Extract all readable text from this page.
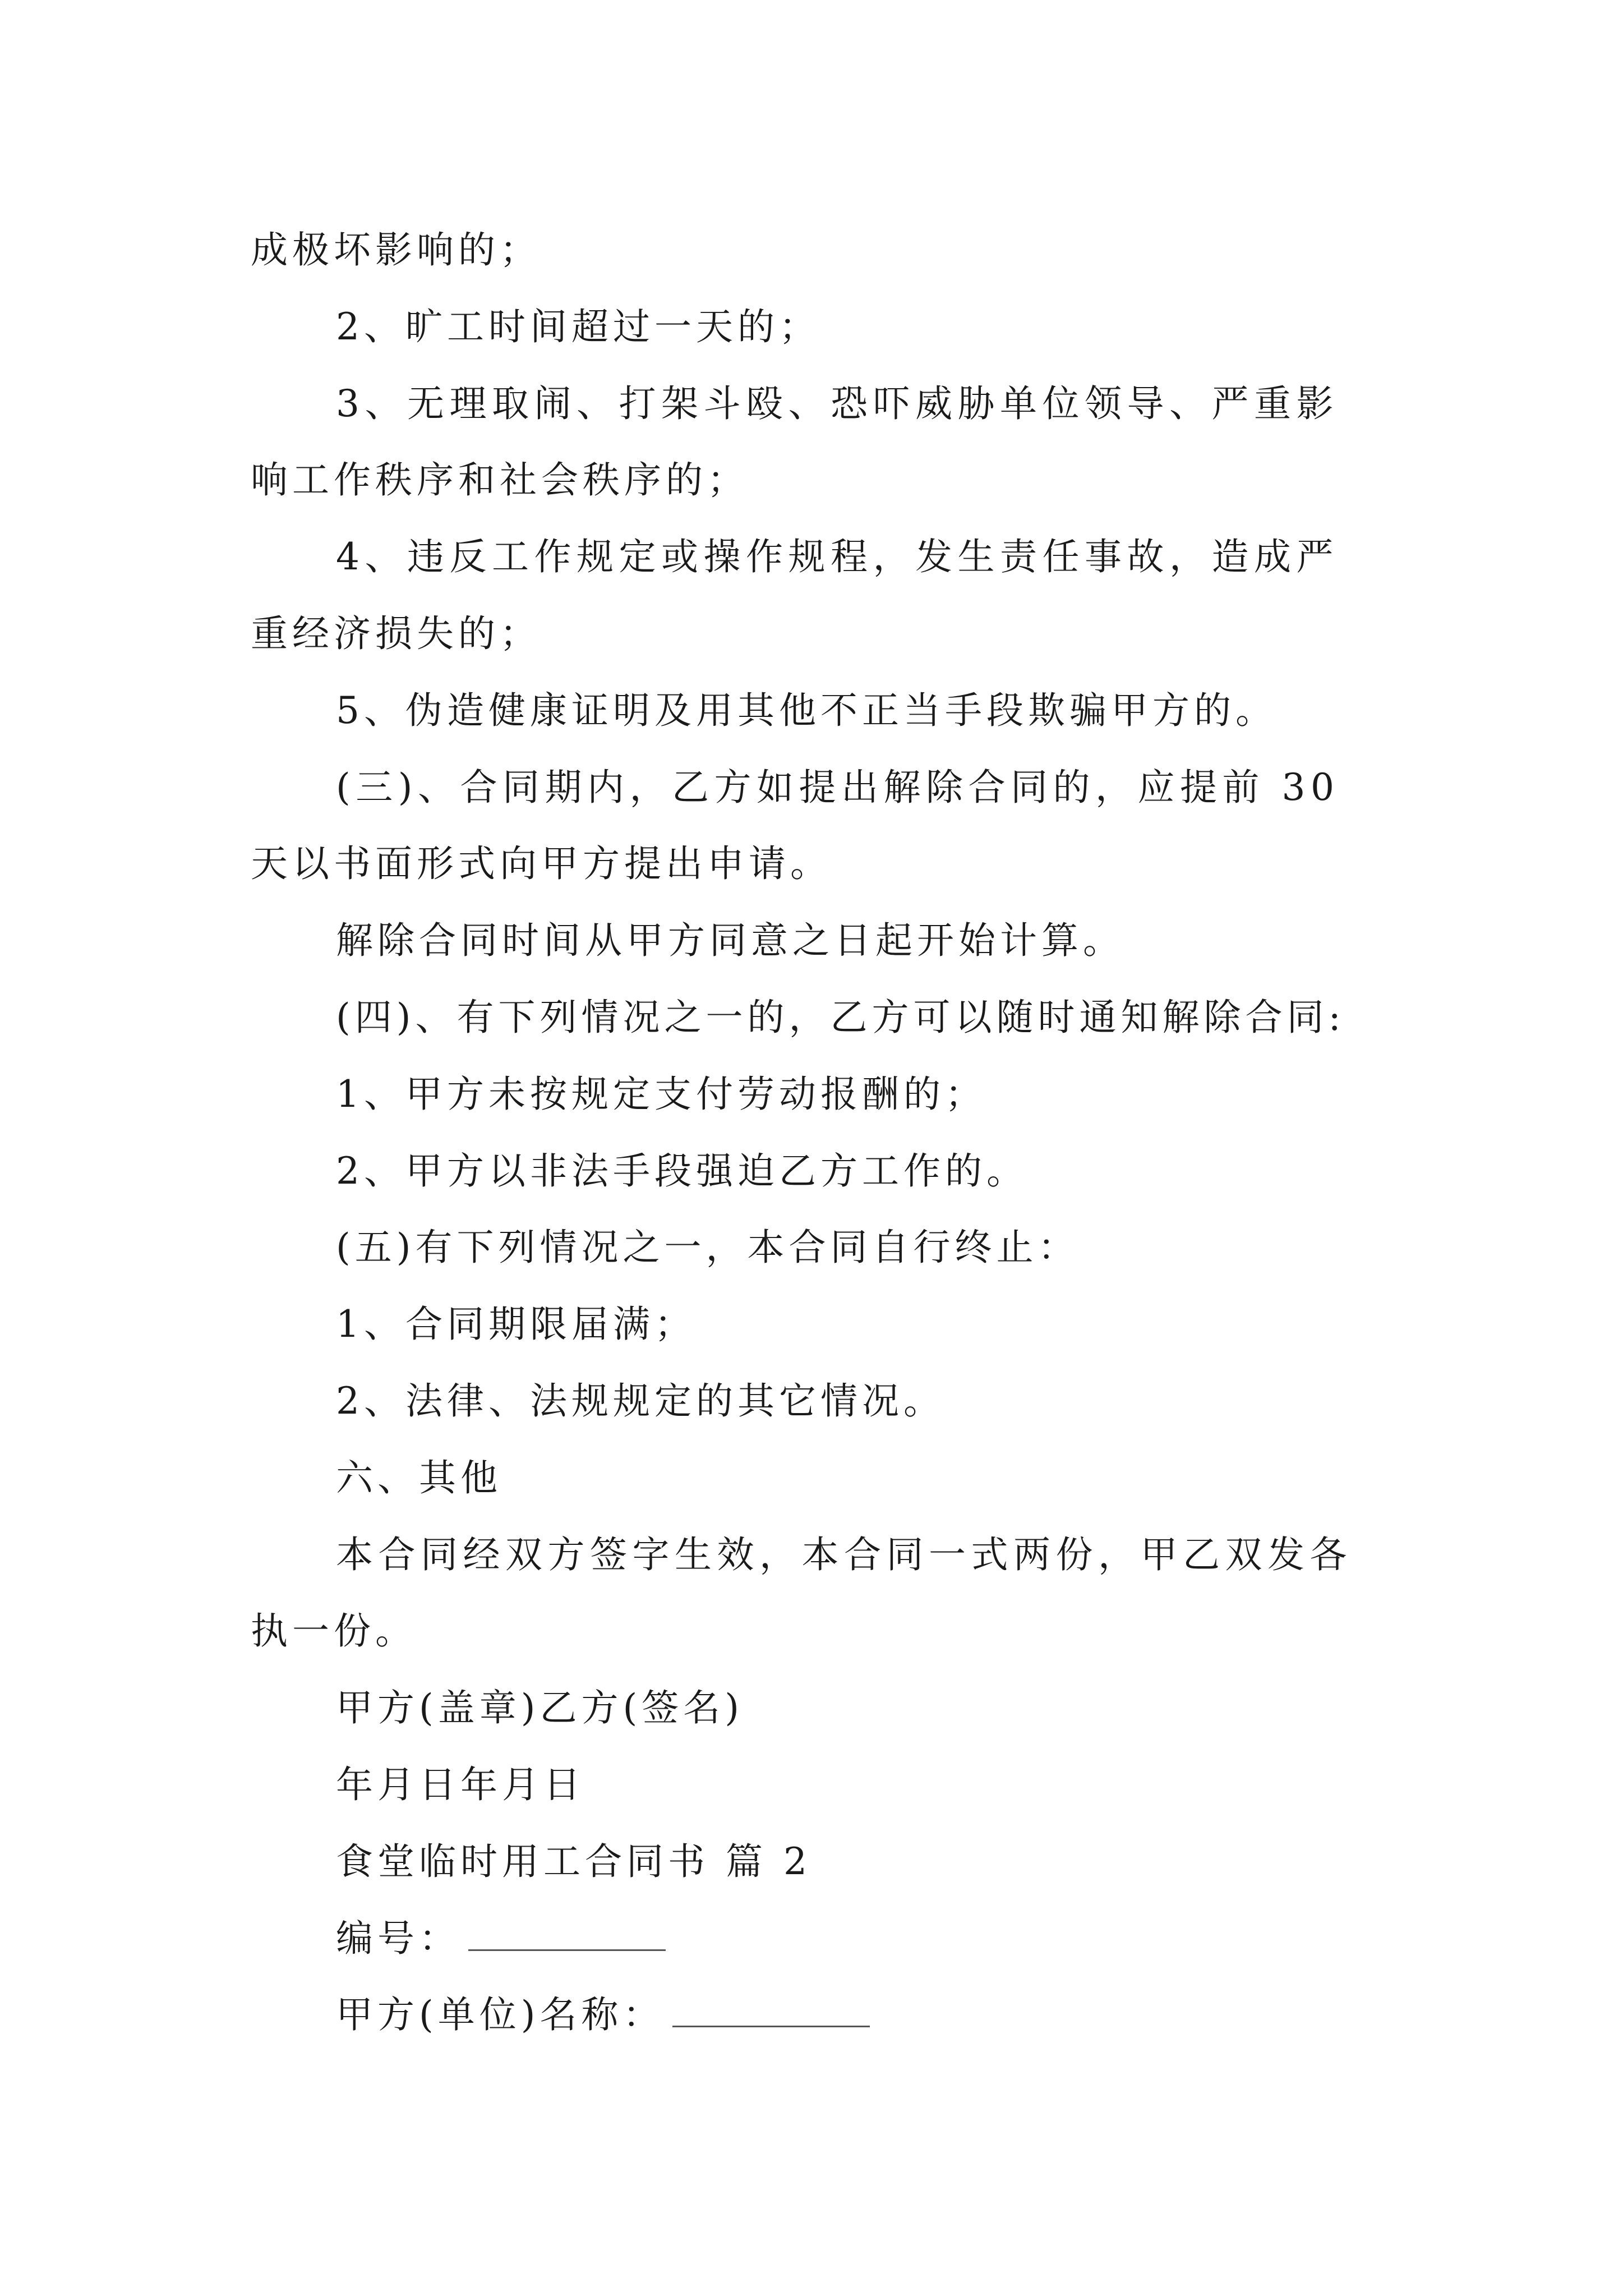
成极坏影响的；
2、旷工时间超过一天的；
3、无理取闹、打架斗殴、恐吓威胁单位领导、严重影
响工作秩序和社会秩序的；
4、违反工作规定或操作规程，发生责任事故，造成严
重经济损失的；
5、伪造健康证明及用其他不正当手段欺骗甲方的。
(三)、合同期内，乙方如提出解除合同的，应提前 30
天以书面形式向甲方提出申请。
解除合同时间从甲方同意之日起开始计算。
(四)、有下列情况之一的，乙方可以随时通知解除合同:
1、甲方未按规定支付劳动报酬的；
2、甲方以非法手段强迫乙方工作的。
(五)有下列情况之一，本合同自行终止：
1、合同期限届满；
2、法律、法规规定的其它情况。
六、其他
本合同经双方签字生效，本合同一式两份，甲乙双发各
执一份。
甲方(盖章)乙方(签名)
年月日年月日
食堂临时用工合同书 篇 2
编号：
甲方(单位)名称：
